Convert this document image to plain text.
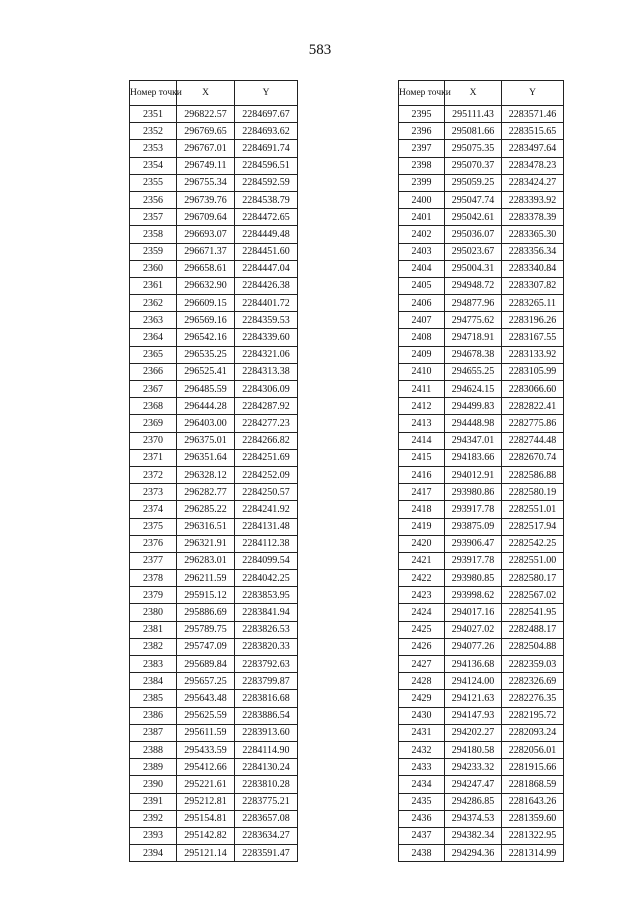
583
Номер точки	X	Y
2351	296822.57	2284697.67
2352	296769.65	2284693.62
2353	296767.01	2284691.74
2354	296749.11	2284596.51
2355	296755.34	2284592.59
2356	296739.76	2284538.79
2357	296709.64	2284472.65
2358	296693.07	2284449.48
2359	296671.37	2284451.60
2360	296658.61	2284447.04
2361	296632.90	2284426.38
2362	296609.15	2284401.72
2363	296569.16	2284359.53
2364	296542.16	2284339.60
2365	296535.25	2284321.06
2366	296525.41	2284313.38
2367	296485.59	2284306.09
2368	296444.28	2284287.92
2369	296403.00	2284277.23
2370	296375.01	2284266.82
2371	296351.64	2284251.69
2372	296328.12	2284252.09
2373	296282.77	2284250.57
2374	296285.22	2284241.92
2375	296316.51	2284131.48
2376	296321.91	2284112.38
2377	296283.01	2284099.54
2378	296211.59	2284042.25
2379	295915.12	2283853.95
2380	295886.69	2283841.94
2381	295789.75	2283826.53
2382	295747.09	2283820.33
2383	295689.84	2283792.63
2384	295657.25	2283799.87
2385	295643.48	2283816.68
2386	295625.59	2283886.54
2387	295611.59	2283913.60
2388	295433.59	2284114.90
2389	295412.66	2284130.24
2390	295221.61	2283810.28
2391	295212.81	2283775.21
2392	295154.81	2283657.08
2393	295142.82	2283634.27
2394	295121.14	2283591.47
Номер точки	X	Y
2395	295111.43	2283571.46
2396	295081.66	2283515.65
2397	295075.35	2283497.64
2398	295070.37	2283478.23
2399	295059.25	2283424.27
2400	295047.74	2283393.92
2401	295042.61	2283378.39
2402	295036.07	2283365.30
2403	295023.67	2283356.34
2404	295004.31	2283340.84
2405	294948.72	2283307.82
2406	294877.96	2283265.11
2407	294775.62	2283196.26
2408	294718.91	2283167.55
2409	294678.38	2283133.92
2410	294655.25	2283105.99
2411	294624.15	2283066.60
2412	294499.83	2282822.41
2413	294448.98	2282775.86
2414	294347.01	2282744.48
2415	294183.66	2282670.74
2416	294012.91	2282586.88
2417	293980.86	2282580.19
2418	293917.78	2282551.01
2419	293875.09	2282517.94
2420	293906.47	2282542.25
2421	293917.78	2282551.00
2422	293980.85	2282580.17
2423	293998.62	2282567.02
2424	294017.16	2282541.95
2425	294027.02	2282488.17
2426	294077.26	2282504.88
2427	294136.68	2282359.03
2428	294124.00	2282326.69
2429	294121.63	2282276.35
2430	294147.93	2282195.72
2431	294202.27	2282093.24
2432	294180.58	2282056.01
2433	294233.32	2281915.66
2434	294247.47	2281868.59
2435	294286.85	2281643.26
2436	294374.53	2281359.60
2437	294382.34	2281322.95
2438	294294.36	2281314.99
